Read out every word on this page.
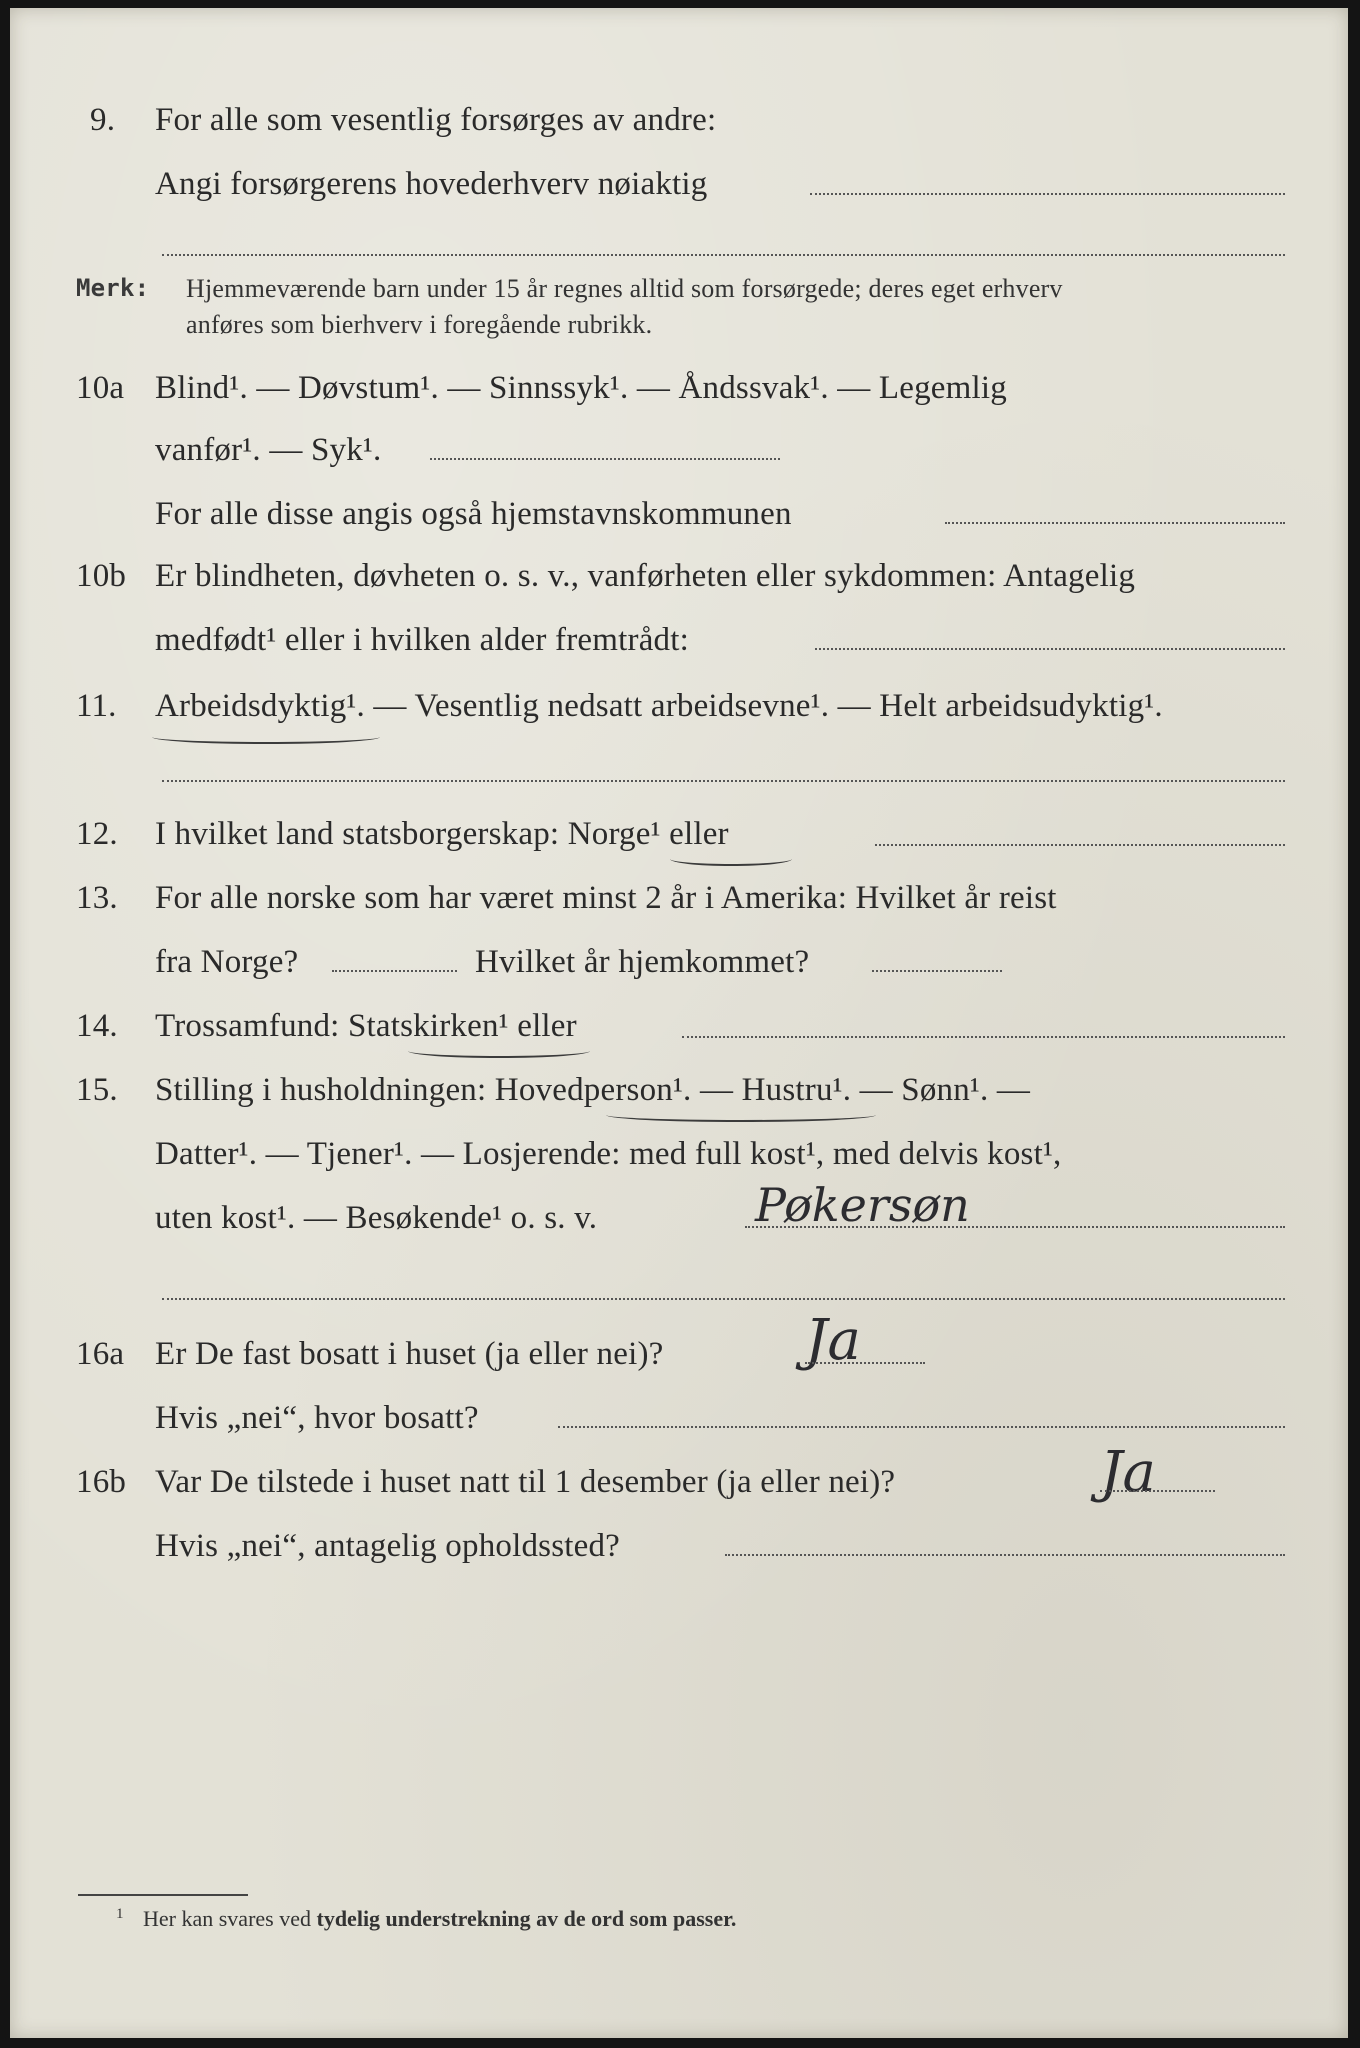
9.	For alle som vesentlig forsørges av andre:
Angi forsørgerens hovederhverv nøiaktig
Merk: Hjemmeværende barn under 15 år regnes alltid som forsørgede; deres eget erhverv
anføres som bierhverv i foregående rubrikk.
10a Blind¹. — Døvstum¹. — Sinnssyk¹. — Åndssvak¹. — Legemlig
vanfør¹. — Syk¹.
For alle disse angis også hjemstavnskommunen
10b Er blindheten, døvheten o. s. v., vanførheten eller sykdommen: Antagelig
medfødt¹ eller i hvilken alder fremtrådt:
11.	Arbeidsdyktig¹. — Vesentlig nedsatt arbeidsevne¹. — Helt arbeidsudyktig¹.
12.	I hvilket land statsborgerskap: Norge¹ eller
13.	For alle norske som har været minst 2 år i Amerika: Hvilket år reist
fra Norge?	Hvilket år hjemkommet?
14.	Trossamfund: Statskirken¹ eller
15.	Stilling i husholdningen: Hovedperson¹. — Hustru¹. — Sønn¹. —
Datter¹. — Tjener¹. — Losjerende: med full kost¹, med delvis kost¹,
uten kost¹. — Besøkende¹ o. s. v.	Pøkersøn
16a Er De fast bosatt i huset (ja eller nei)?	Ja
Hvis „nei“, hvor bosatt?
16b Var De tilstede i huset natt til 1 desember (ja eller nei)?	Ja
Hvis „nei“, antagelig opholdssted?
$^1$ Her kan svares ved tydelig understrekning av de ord som passer.
